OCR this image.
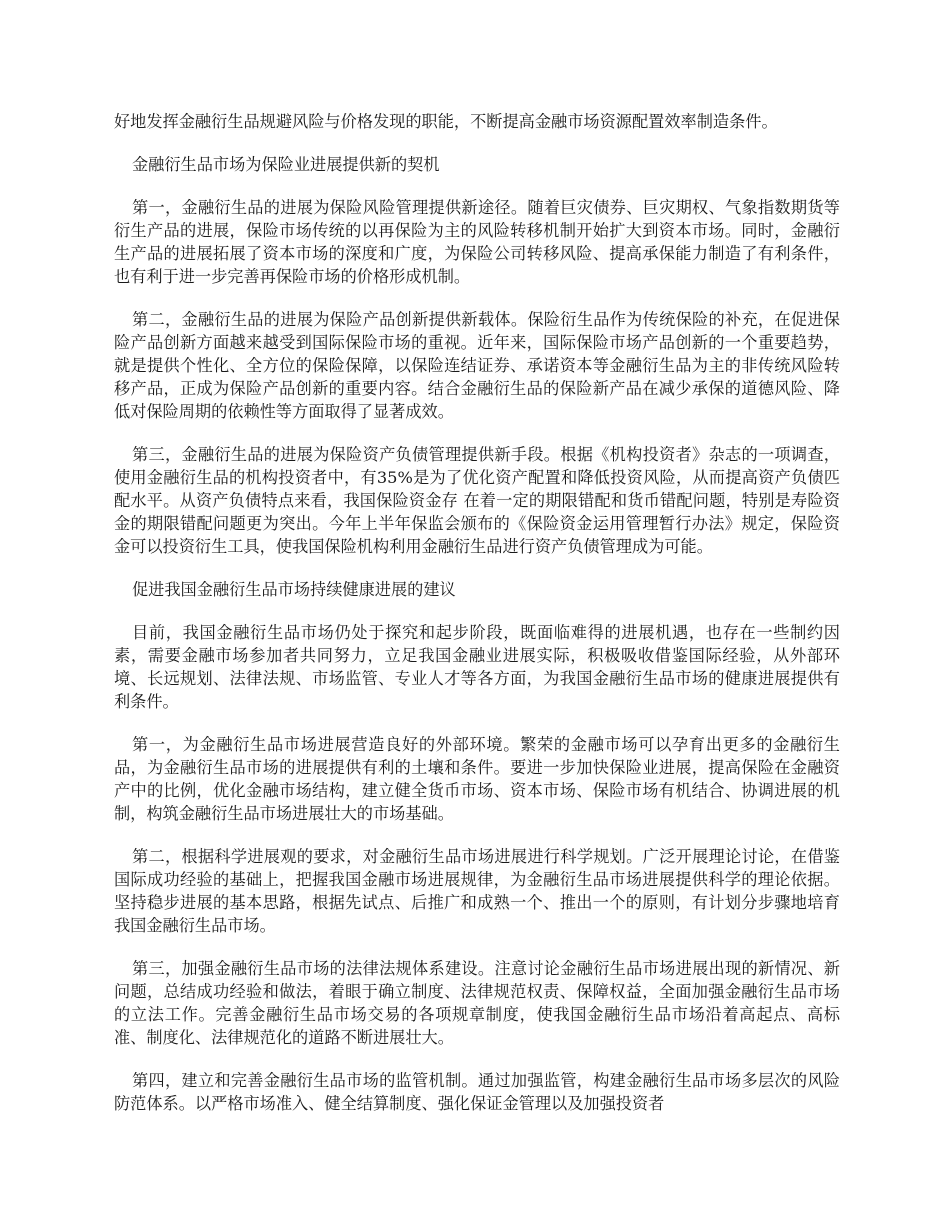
好地发挥金融衍生品规避风险与价格发现的职能，不断提高金融市场资源配置效率制造条件。

金融衍生品市场为保险业进展提供新的契机

第一，金融衍生品的进展为保险风险管理提供新途径。随着巨灾债券、巨灾期权、气象指数期货等衍生产品的进展，保险市场传统的以再保险为主的风险转移机制开始扩大到资本市场。同时，金融衍生产品的进展拓展了资本市场的深度和广度，为保险公司转移风险、提高承保能力制造了有利条件，也有利于进一步完善再保险市场的价格形成机制。

第二，金融衍生品的进展为保险产品创新提供新载体。保险衍生品作为传统保险的补充，在促进保险产品创新方面越来越受到国际保险市场的重视。近年来，国际保险市场产品创新的一个重要趋势，就是提供个性化、全方位的保险保障，以保险连结证券、承诺资本等金融衍生品为主的非传统风险转移产品，正成为保险产品创新的重要内容。结合金融衍生品的保险新产品在减少承保的道德风险、降低对保险周期的依赖性等方面取得了显著成效。

第三，金融衍生品的进展为保险资产负债管理提供新手段。根据《机构投资者》杂志的一项调查，使用金融衍生品的机构投资者中，有35%是为了优化资产配置和降低投资风险，从而提高资产负债匹配水平。从资产负债特点来看，我国保险资金存 在着一定的期限错配和货币错配问题，特别是寿险资金的期限错配问题更为突出。今年上半年保监会颁布的《保险资金运用管理暂行办法》规定，保险资金可以投资衍生工具，使我国保险机构利用金融衍生品进行资产负债管理成为可能。

促进我国金融衍生品市场持续健康进展的建议

目前，我国金融衍生品市场仍处于探究和起步阶段，既面临难得的进展机遇，也存在一些制约因素，需要金融市场参加者共同努力，立足我国金融业进展实际，积极吸收借鉴国际经验，从外部环境、长远规划、法律法规、市场监管、专业人才等各方面，为我国金融衍生品市场的健康进展提供有利条件。

第一，为金融衍生品市场进展营造良好的外部环境。繁荣的金融市场可以孕育出更多的金融衍生品，为金融衍生品市场的进展提供有利的土壤和条件。要进一步加快保险业进展，提高保险在金融资产中的比例，优化金融市场结构，建立健全货币市场、资本市场、保险市场有机结合、协调进展的机制，构筑金融衍生品市场进展壮大的市场基础。

第二，根据科学进展观的要求，对金融衍生品市场进展进行科学规划。广泛开展理论讨论，在借鉴国际成功经验的基础上，把握我国金融市场进展规律，为金融衍生品市场进展提供科学的理论依据。坚持稳步进展的基本思路，根据先试点、后推广和成熟一个、推出一个的原则，有计划分步骤地培育我国金融衍生品市场。

第三，加强金融衍生品市场的法律法规体系建设。注意讨论金融衍生品市场进展出现的新情况、新问题，总结成功经验和做法，着眼于确立制度、法律规范权责、保障权益，全面加强金融衍生品市场的立法工作。完善金融衍生品市场交易的各项规章制度，使我国金融衍生品市场沿着高起点、高标准、制度化、法律规范化的道路不断进展壮大。

第四，建立和完善金融衍生品市场的监管机制。通过加强监管，构建金融衍生品市场多层次的风险防范体系。以严格市场准入、健全结算制度、强化保证金管理以及加强投资者
